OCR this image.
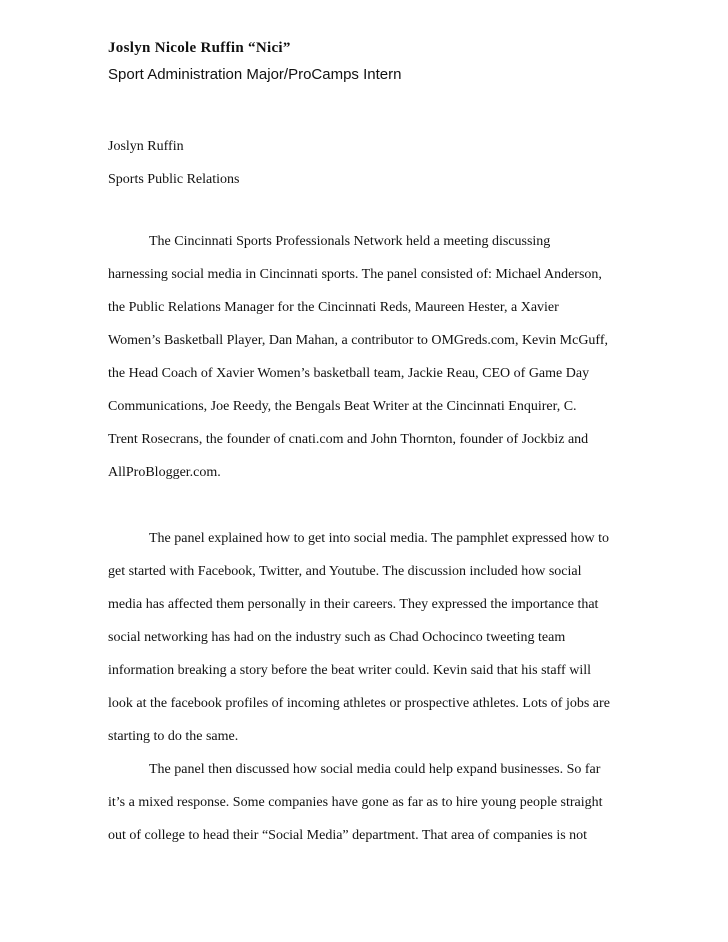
Joslyn Nicole Ruffin “Nici”
Sport Administration Major/ProCamps Intern
Joslyn Ruffin
Sports Public Relations
The Cincinnati Sports Professionals Network held a meeting discussing
harnessing social media in Cincinnati sports. The panel consisted of: Michael Anderson,
the Public Relations Manager for the Cincinnati Reds, Maureen Hester, a Xavier
Women’s Basketball Player, Dan Mahan, a contributor to OMGreds.com, Kevin McGuff,
the Head Coach of Xavier Women’s basketball team, Jackie Reau, CEO of Game Day
Communications, Joe Reedy, the Bengals Beat Writer at the Cincinnati Enquirer, C.
Trent Rosecrans, the founder of cnati.com and John Thornton, founder of Jockbiz and
AllProBlogger.com.
The panel explained how to get into social media. The pamphlet expressed how to
get started with Facebook, Twitter, and Youtube. The discussion included how social
media has affected them personally in their careers. They expressed the importance that
social networking has had on the industry such as Chad Ochocinco tweeting team
information breaking a story before the beat writer could. Kevin said that his staff will
look at the facebook profiles of incoming athletes or prospective athletes. Lots of jobs are
starting to do the same.
The panel then discussed how social media could help expand businesses. So far
it’s a mixed response. Some companies have gone as far as to hire young people straight
out of college to head their “Social Media” department. That area of companies is not
